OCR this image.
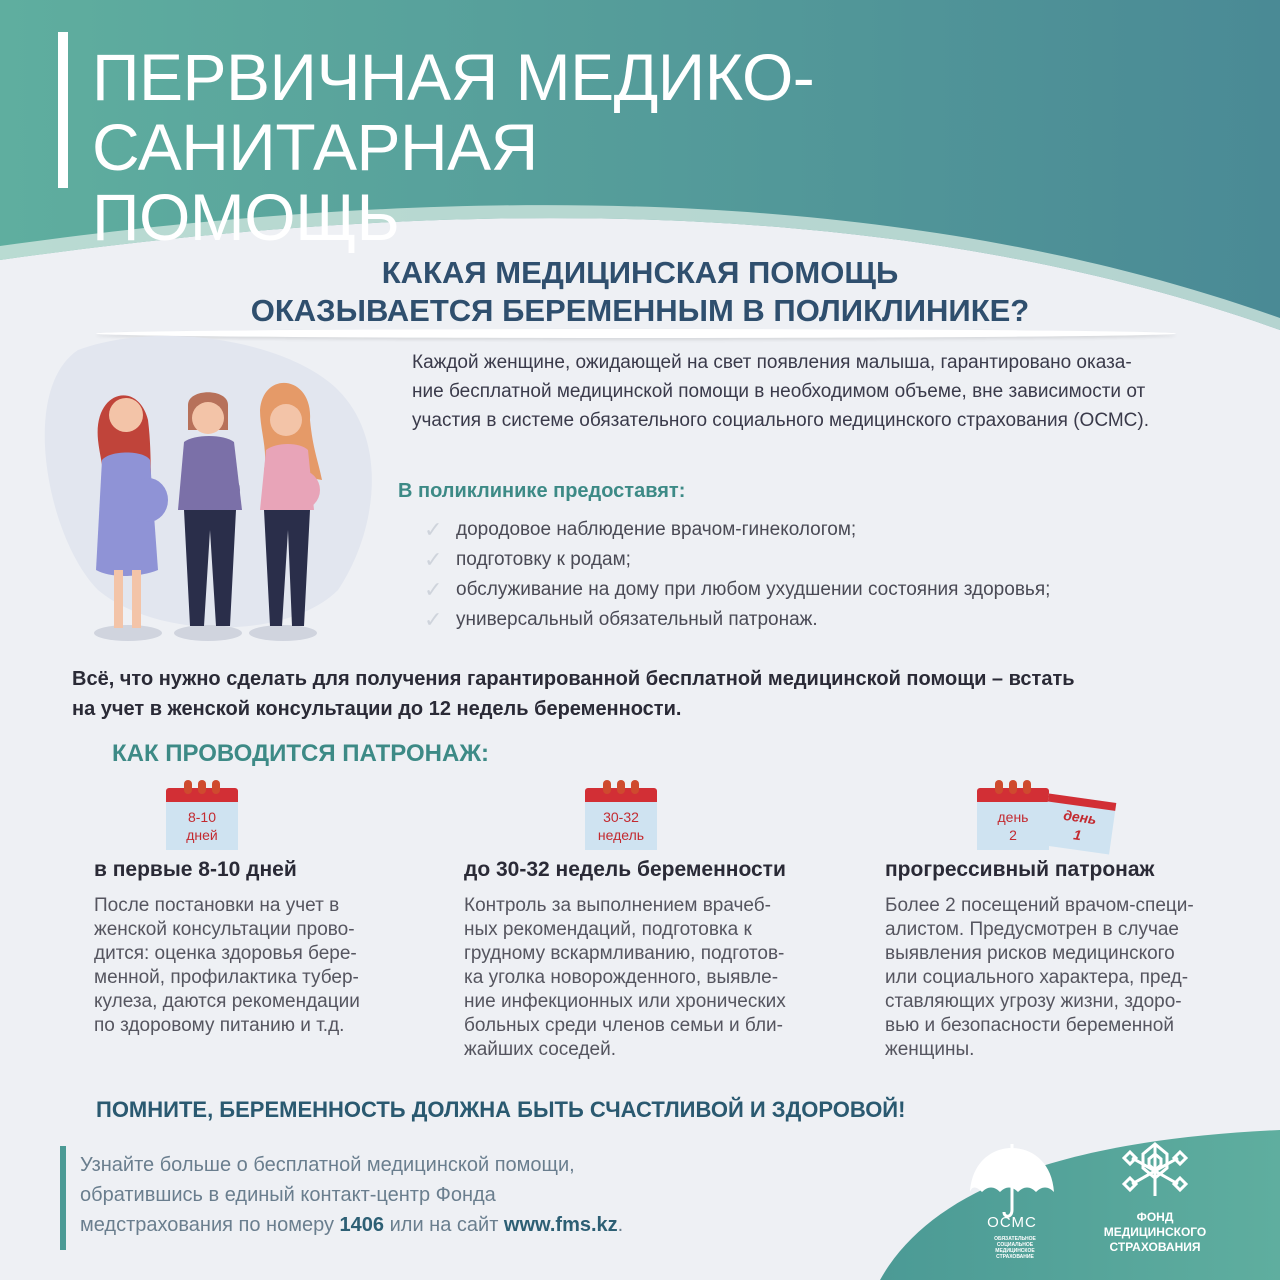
ПЕРВИЧНАЯ МЕДИКО-САНИТАРНАЯ
ПОМОЩЬ
КАКАЯ МЕДИЦИНСКАЯ ПОМОЩЬ
ОКАЗЫВАЕТСЯ БЕРЕМЕННЫМ В ПОЛИКЛИНИКЕ?
Каждой женщине, ожидающей на свет появления малыша, гарантировано оказа-
ние бесплатной медицинской помощи в необходимом объеме, вне зависимости от
участия в системе обязательного социального медицинского страхования (ОСМС).
В поликлинике предоставят:
✓ дородовое наблюдение врачом-гинекологом;
✓ подготовку к родам;
✓ обслуживание на дому при любом ухудшении состояния здоровья;
✓ универсальный обязательный патронаж.
Всё, что нужно сделать для получения гарантированной бесплатной медицинской помощи – встать
на учет в женской консультации до 12 недель беременности.
КАК ПРОВОДИТСЯ ПАТРОНАЖ:
8-10
дней
в первые 8-10 дней
После постановки на учет в
женской консультации прово-
дится: оценка здоровья бере-
менной, профилактика тубер-
кулеза, даются рекомендации
по здоровому питанию и т.д.
30-32
недель
до 30-32 недель беременности
Контроль за выполнением врачеб-
ных рекомендаций, подготовка к
грудному вскармливанию, подготов-
ка уголка новорожденного, выявле-
ние инфекционных или хронических
больных среди членов семьи и бли-
жайших соседей.
день
2
день
1
прогрессивный патронаж
Более 2 посещений врачом-специ-
алистом. Предусмотрен в случае
выявления рисков медицинского
или социального характера, пред-
ставляющих угрозу жизни, здоро-
вью и безопасности беременной
женщины.
ПОМНИТЕ, БЕРЕМЕННОСТЬ ДОЛЖНА БЫТЬ СЧАСТЛИВОЙ И ЗДОРОВОЙ!
Узнайте больше о бесплатной медицинской помощи,
обратившись в единый контакт-центр Фонда
медстрахования по номеру 1406 или на сайт www.fms.kz.	ОСМС
ОБЯЗАТЕЛЬНОЕ СОЦИАЛЬНОЕ МЕДИЦИНСКОЕ СТРАХОВАНИЕ
ФОНД
МЕДИЦИНСКОГО
СТРАХОВАНИЯ
